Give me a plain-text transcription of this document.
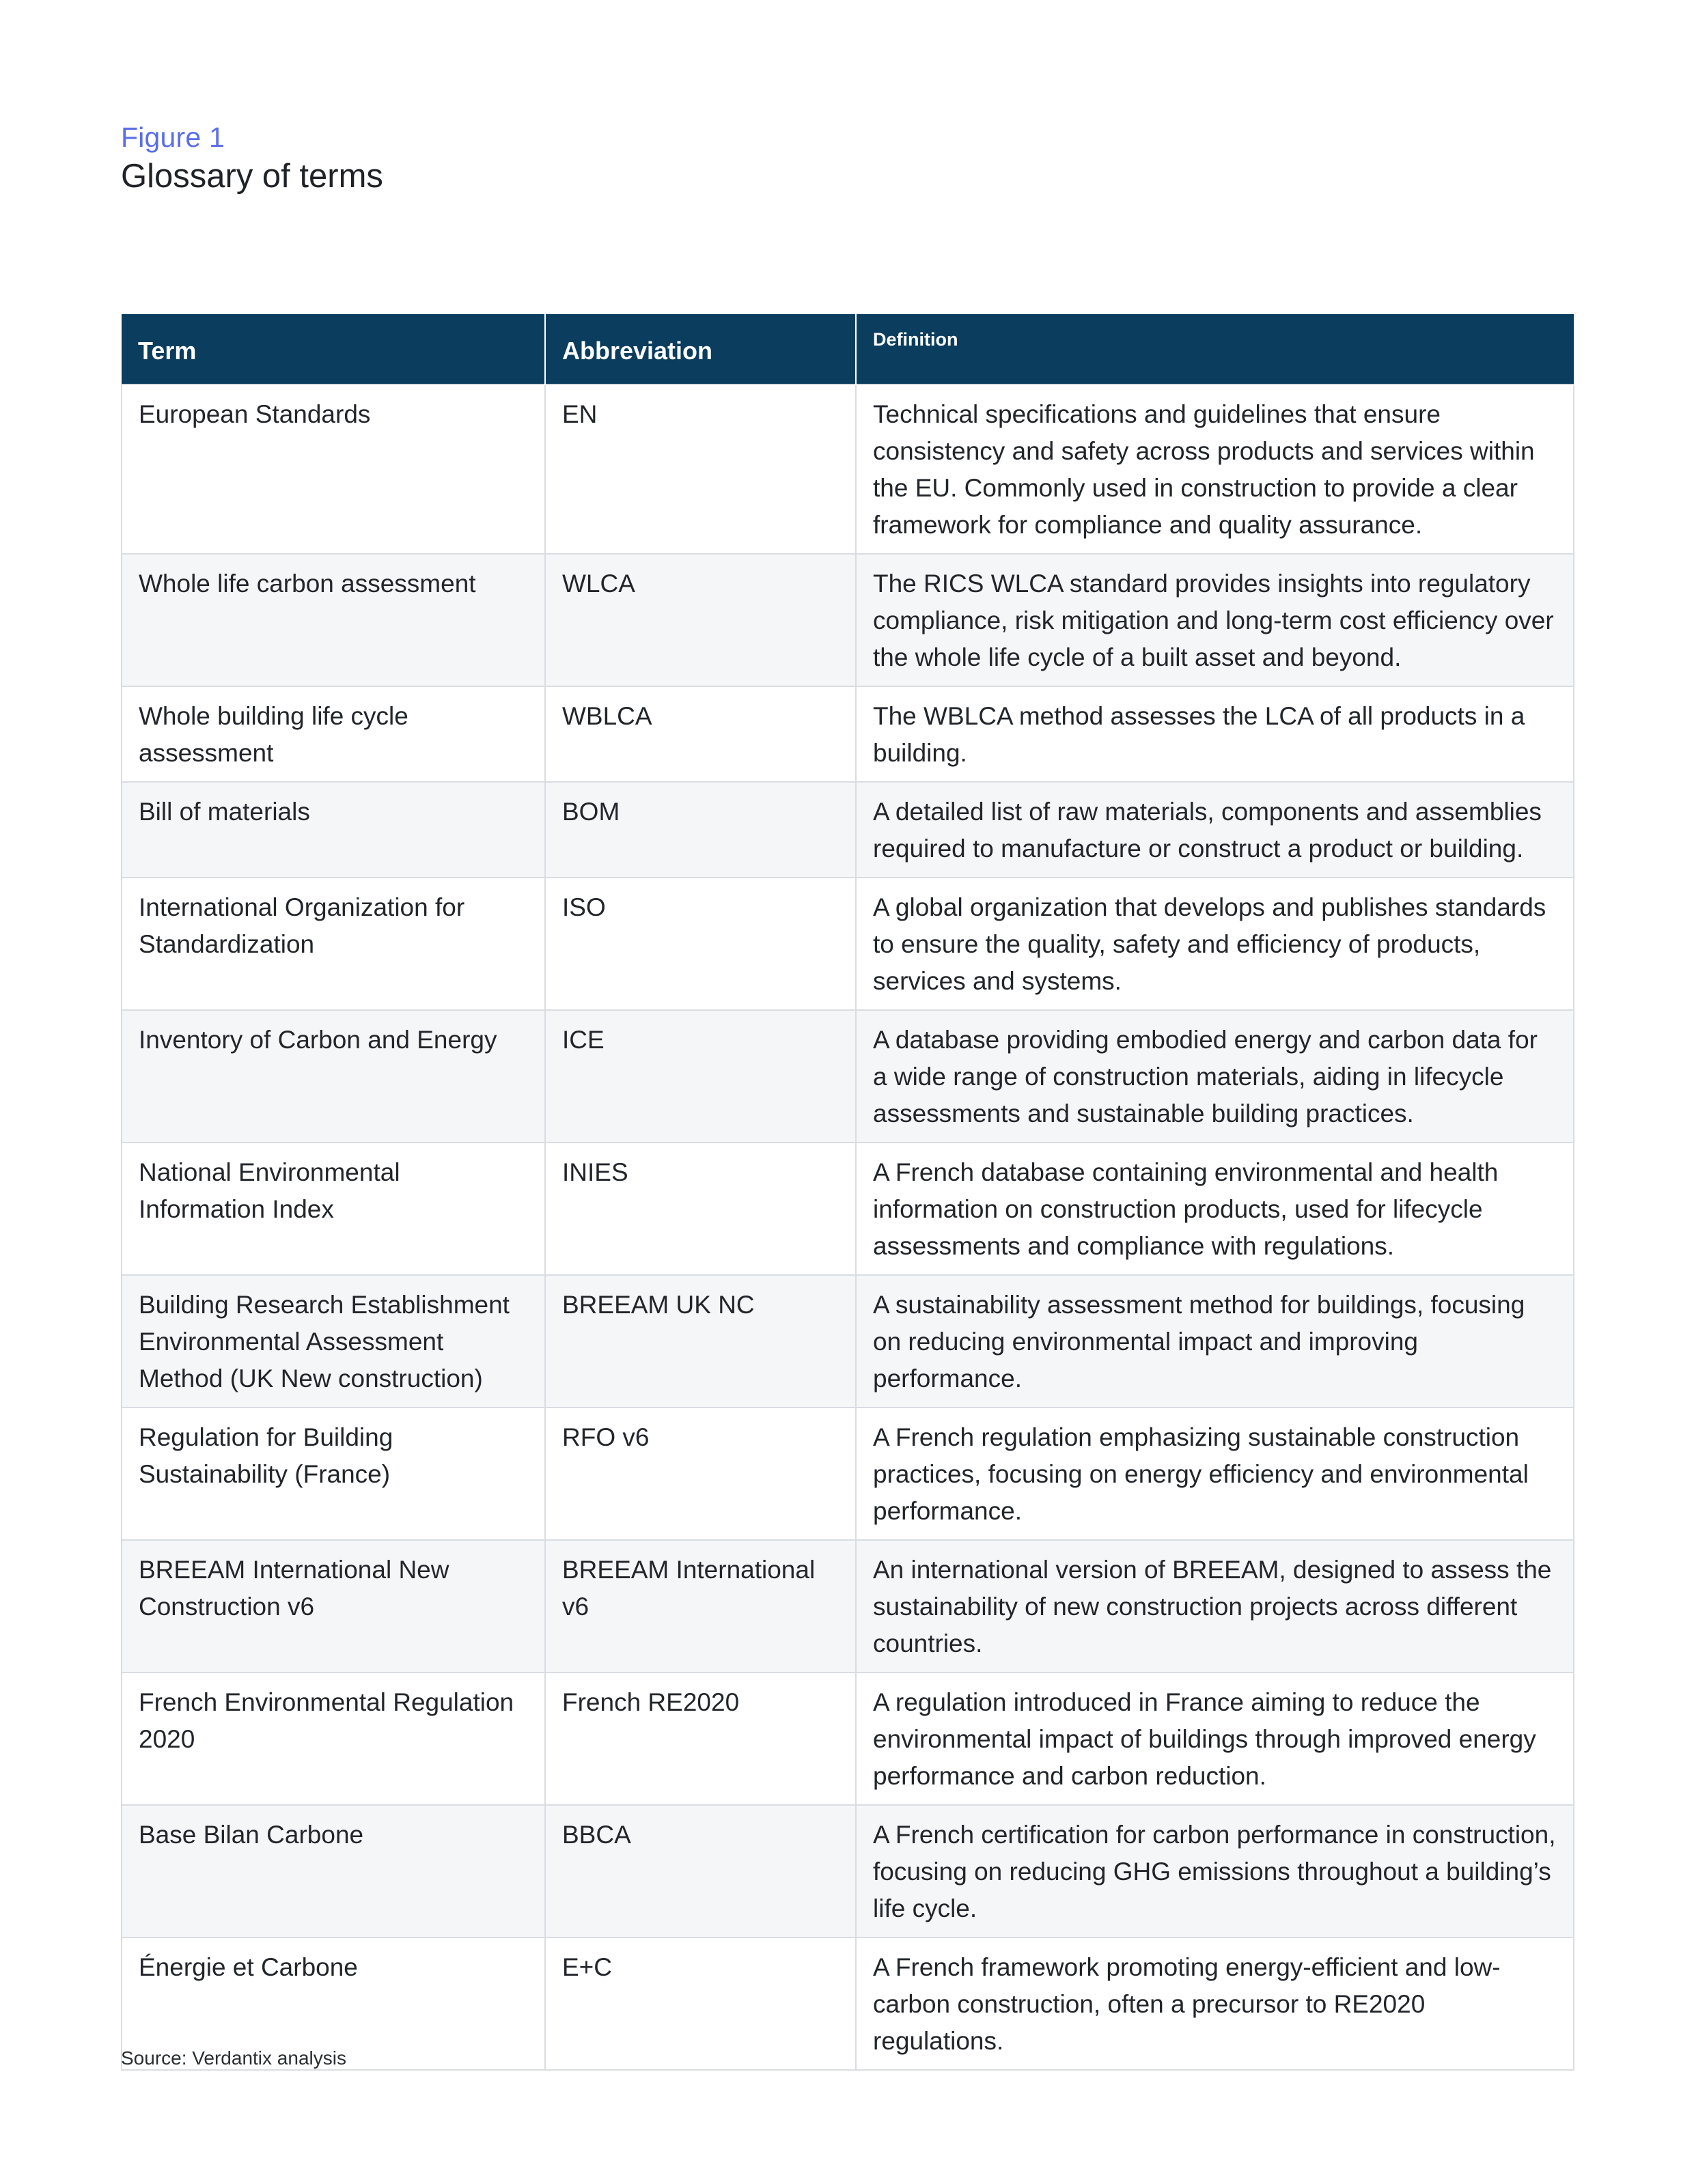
Figure 1
Glossary of terms
Term	Abbreviation	Definition
European Standards	EN	Technical specifications and guidelines that ensure consistency and safety across products and services within the EU. Commonly used in construction to provide a clear framework for compliance and quality assurance.
Whole life carbon assessment	WLCA	The RICS WLCA standard provides insights into regulatory compliance, risk mitigation and long-term cost efficiency over the whole life cycle of a built asset and beyond.
Whole building life cycle assessment	WBLCA	The WBLCA method assesses the LCA of all products in a building.
Bill of materials	BOM	A detailed list of raw materials, components and assemblies required to manufacture or construct a product or building.
International Organization for Standardization	ISO	A global organization that develops and publishes standards to ensure the quality, safety and efficiency of products, services and systems.
Inventory of Carbon and Energy	ICE	A database providing embodied energy and carbon data for a wide range of construction materials, aiding in lifecycle assessments and sustainable building practices.
National Environmental Information Index	INIES	A French database containing environmental and health information on construction products, used for lifecycle assessments and compliance with regulations.
Building Research Establishment Environmental Assessment Method (UK New construction)	BREEAM UK NC	A sustainability assessment method for buildings, focusing on reducing environmental impact and improving performance.
Regulation for Building Sustainability (France)	RFO v6	A French regulation emphasizing sustainable construction practices, focusing on energy efficiency and environmental performance.
BREEAM International New Construction v6	BREEAM International v6	An international version of BREEAM, designed to assess the sustainability of new construction projects across different countries.
French Environmental Regulation 2020	French RE2020	A regulation introduced in France aiming to reduce the environmental impact of buildings through improved energy performance and carbon reduction.
Base Bilan Carbone	BBCA	A French certification for carbon performance in construction, focusing on reducing GHG emissions throughout a building’s life cycle.
Énergie et Carbone	E+C	A French framework promoting energy-efficient and low-carbon construction, often a precursor to RE2020 regulations.
Source: Verdantix analysis
